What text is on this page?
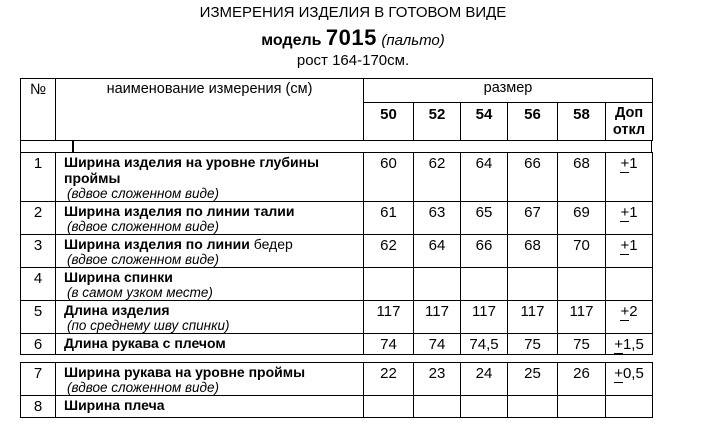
ИЗМЕРЕНИЯ ИЗДЕЛИЯ В ГОТОВОМ ВИДЕ
модель 7015 (пальто)
рост 164-170см.
№	наименование измерения (см)	размер					
		50	52	54	56	58	Доп
откл
1	Ширина изделия на уровне глубины проймы
(вдвое сложенном виде)	60	62	64	66	68	+1
2	Ширина изделия по линии талии
(вдвое сложенном виде)	61	63	65	67	69	+1
3	Ширина изделия по линии бедер
(вдвое сложенном виде)	62	64	66	68	70	+1
4	Ширина спинки
(в самом узком месте)						

5	Длина изделия
(по среднему шву спинки)	117	117	117	117	117	+2
6	Длина рукава с плечом	74	74	74,5	75	75	+1,5
7	Ширина рукава на уровне проймы
(вдвое сложенном виде)	22	23	24	25	26	+0,5
8	Ширина плеча						
